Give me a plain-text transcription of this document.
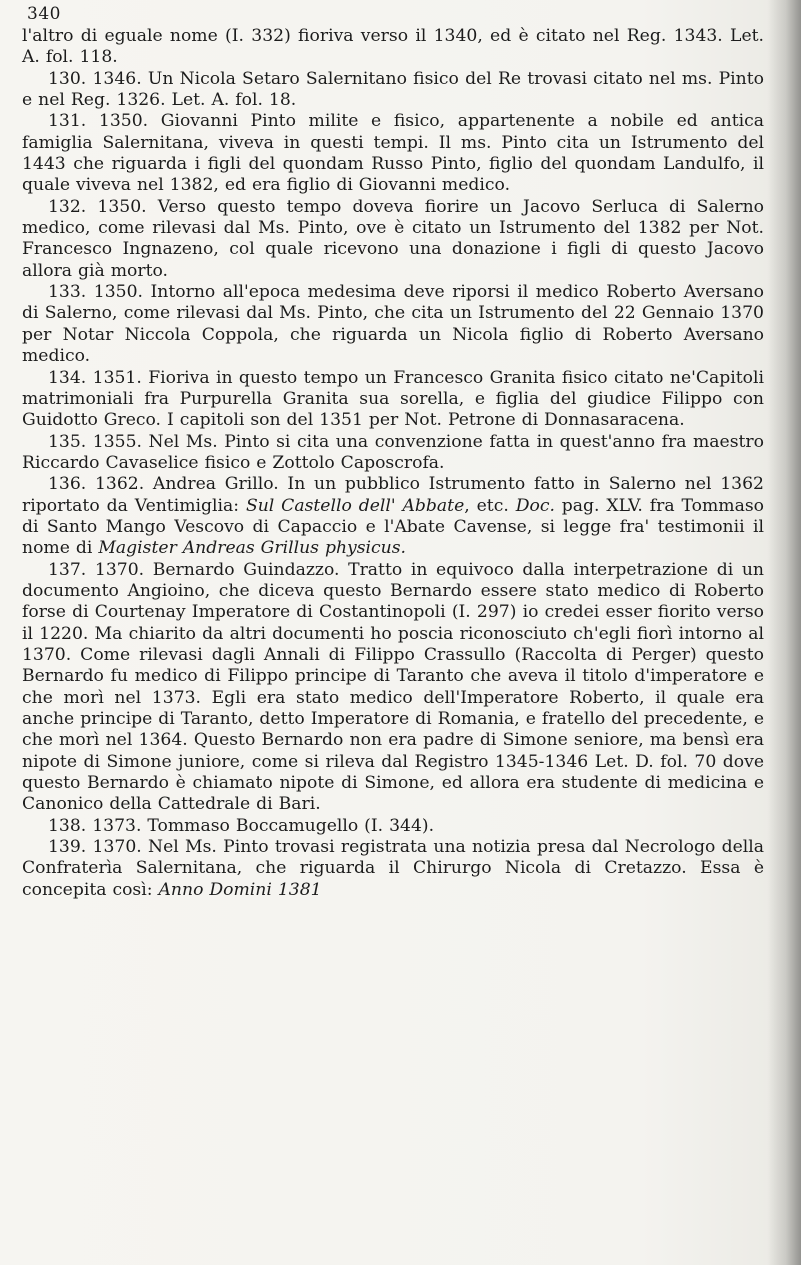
340

l'altro di eguale nome (I. 332) fioriva verso il 1340, ed è citato nel Reg. 1343. Let. A. fol. 118.

130. 1346. Un Nicola Setaro Salernitano fisico del Re trovasi citato nel ms. Pinto e nel Reg. 1326. Let. A. fol. 18.

131. 1350. Giovanni Pinto milite e fisico, appartenente a nobile ed antica famiglia Salernitana, viveva in questi tempi. Il ms. Pinto cita un Istrumento del 1443 che riguarda i figli del quondam Russo Pinto, figlio del quondam Landulfo, il quale viveva nel 1382, ed era figlio di Giovanni medico.

132. 1350. Verso questo tempo doveva fiorire un Jacovo Serluca di Salerno medico, come rilevasi dal Ms. Pinto, ove è citato un Istrumento del 1382 per Not. Francesco Ingnazeno, col quale ricevono una donazione i figli di questo Jacovo allora già morto.

133. 1350. Intorno all'epoca medesima deve riporsi il medico Roberto Aversano di Salerno, come rilevasi dal Ms. Pinto, che cita un Istrumento del 22 Gennaio 1370 per Notar Niccola Coppola, che riguarda un Nicola figlio di Roberto Aversano medico.

134. 1351. Fioriva in questo tempo un Francesco Granita fisico citato ne'Capitoli matrimoniali fra Purpurella Granita sua sorella, e figlia del giudice Filippo con Guidotto Greco. I capitoli son del 1351 per Not. Petrone di Donnasaracena.

135. 1355. Nel Ms. Pinto si cita una convenzione fatta in quest'anno fra maestro Riccardo Cavaselice fisico e Zottolo Caposcrofa.

136. 1362. Andrea Grillo. In un pubblico Istrumento fatto in Salerno nel 1362 riportato da Ventimiglia: Sul Castello dell' Abbate, etc. Doc. pag. XLV. fra Tommaso di Santo Mango Vescovo di Capaccio e l'Abate Cavense, si legge fra' testimonii il nome di Magister Andreas Grillus physicus.

137. 1370. Bernardo Guindazzo. Tratto in equivoco dalla interpetrazione di un documento Angioino, che diceva questo Bernardo essere stato medico di Roberto forse di Courtenay Imperatore di Costantinopoli (I. 297) io credei esser fiorito verso il 1220. Ma chiarito da altri documenti ho poscia riconosciuto ch'egli fiorì intorno al 1370. Come rilevasi dagli Annali di Filippo Crassullo (Raccolta di Perger) questo Bernardo fu medico di Filippo principe di Taranto che aveva il titolo d'imperatore e che morì nel 1373. Egli era stato medico dell'Imperatore Roberto, il quale era anche principe di Taranto, detto Imperatore di Romania, e fratello del precedente, e che morì nel 1364. Questo Bernardo non era padre di Simone seniore, ma bensì era nipote di Simone juniore, come si rileva dal Registro 1345-1346 Let. D. fol. 70 dove questo Bernardo è chiamato nipote di Simone, ed allora era studente di medicina e Canonico della Cattedrale di Bari.

138. 1373. Tommaso Boccamugello (I. 344).

139. 1370. Nel Ms. Pinto trovasi registrata una notizia presa dal Necrologo della Confraterìa Salernitana, che riguarda il Chirurgo Nicola di Cretazzo. Essa è concepita così: Anno Domini 1381
